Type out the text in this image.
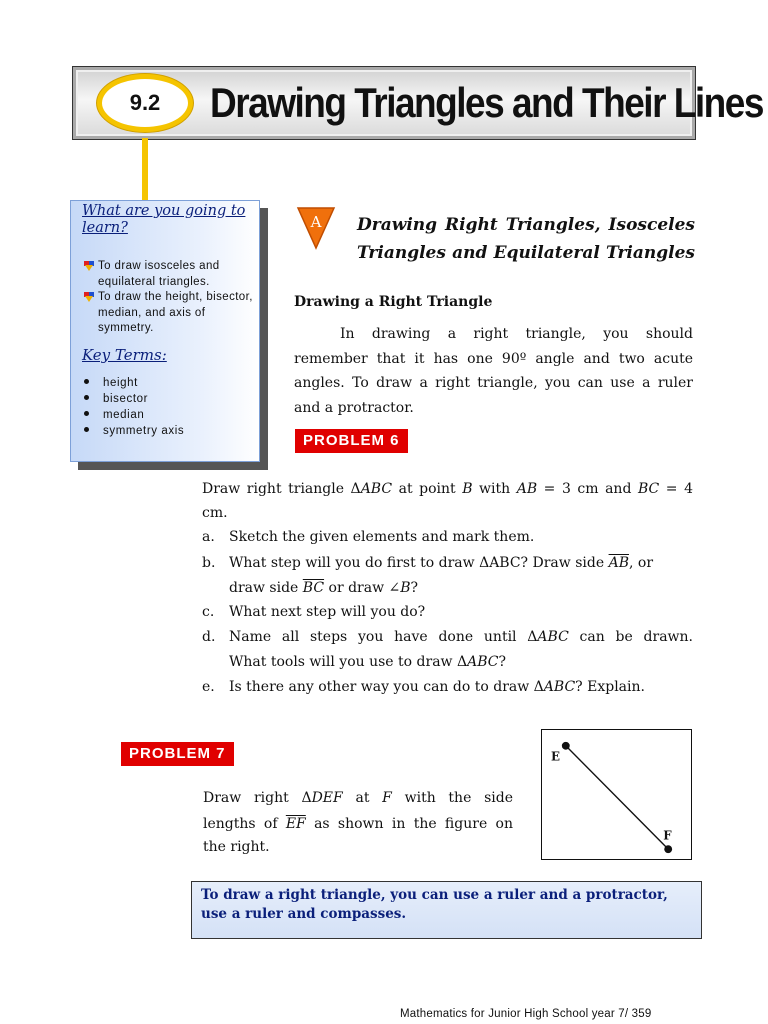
9.2	Drawing Triangles and Their Lines
What are you going to learn?
To draw isosceles and equilateral triangles.
To draw the height, bisector, median, and axis of symmetry.
Key Terms:
height
bisector
median
symmetry axis
A Drawing Right Triangles, Isosceles
Triangles and Equilateral Triangles
Drawing a Right Triangle
In drawing a right triangle, you should
remember that it has one 90º angle and two acute
angles. To draw a right triangle, you can use a ruler
and a protractor.
PROBLEM 6
Draw right triangle ΔABC at point B with AB = 3 cm and BC = 4
cm.
a. Sketch the given elements and mark them.
b. What step will you do first to draw ΔABC? Draw side $\overline{AB}$, or
draw side $\overline{BC}$ or draw ∠B?
c. What next step will you do?
d. Name all steps you have done until ΔABC can be drawn.
What tools will you use to draw ΔABC?
e. Is there any other way you can do to draw ΔABC? Explain.
PROBLEM 7
Draw right ΔDEF at F with the side
lengths of $\overline{EF}$ as shown in the figure on
the right.
E
F
To draw a right triangle, you can use a ruler and a protractor,
use a ruler and compasses.
Mathematics for Junior High School year 7/ 359
